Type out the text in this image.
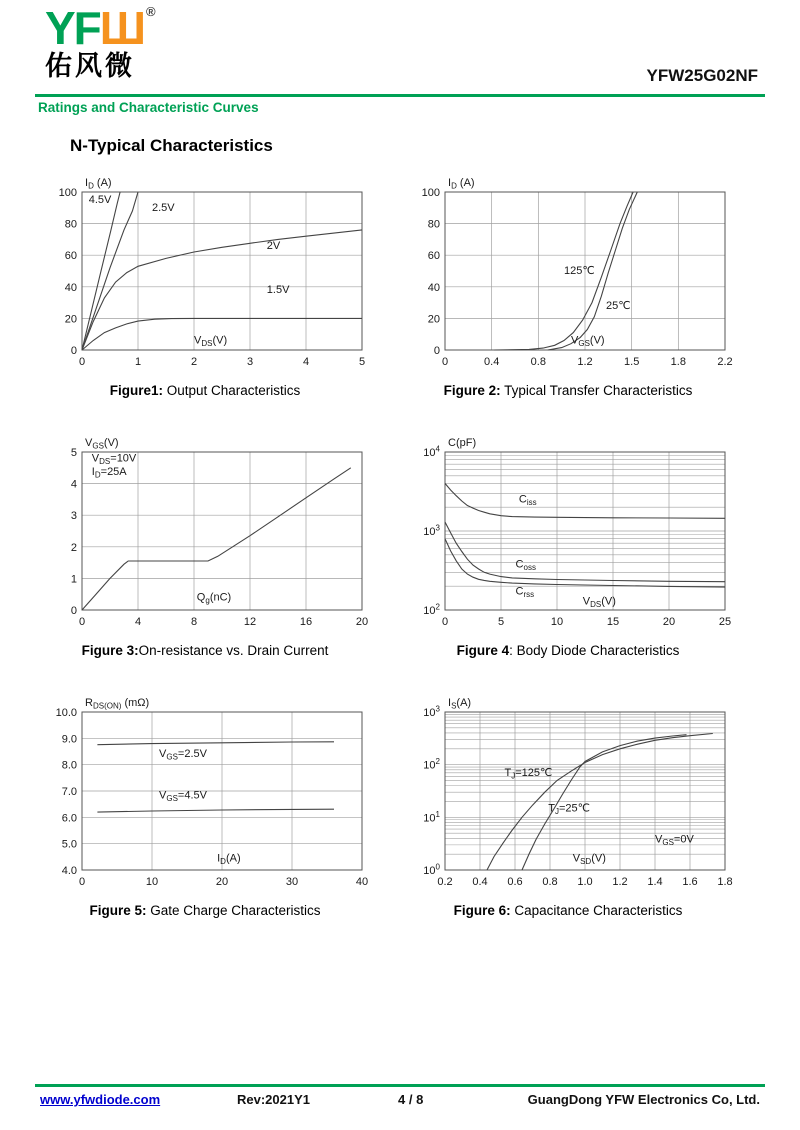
YFШ ®
佑风微	YFW25G02NF
Ratings and Characteristic Curves
N-Typical Characteristics
0	1	2	3	4	5
0
20
40
60
80
100
$I_D$ (A)
4.5V
2.5V
2V
1.5V
$V_{DS}(V)$
Figure1: Output Characteristics
0	0.4	0.8	1.2	1.5	1.8	2.2
0
20
40
60
80
100
$I_D$ (A)
125℃
25℃
$V_{GS}(V)$
Figure 2: Typical Transfer Characteristics
0	4	8	12	16	20
0
1
2
3
4
5
$V_{GS}(V)$
$V_{DS}=10V$
$I_D=25A$
$Q_g(nC)$
Figure 3:On-resistance vs. Drain Current
0	5	10	15	20	25
$10^2$
$10^3$
$10^4$ C(pF)
$C_{iss}$
$C_{oss}$
$C_{rss}$
$V_{DS}(V)$
Figure 4: Body Diode Characteristics
0	10	20	30	40
4.0
5.0
6.0
7.0
8.0
9.0
10.0
$R_{DS(ON)}$ (mΩ)
$V_{GS}=2.5V$
$V_{GS}=4.5V$
$I_D(A)$
Figure 5: Gate Charge Characteristics
0.2 0.4 0.6 0.8 1.0 1.2 1.4 1.6 1.8
$10^0$
$10^1$
$10^2$
$10^3$ $I_S(A)$
$T_J=125℃$
$T_J=25℃$
$V_{GS}=0V$
$V_{SD}(V)$
Figure 6: Capacitance Characteristics
www.yfwdiode.com	Rev:2021Y1	4 / 8	GuangDong YFW Electronics Co, Ltd.
